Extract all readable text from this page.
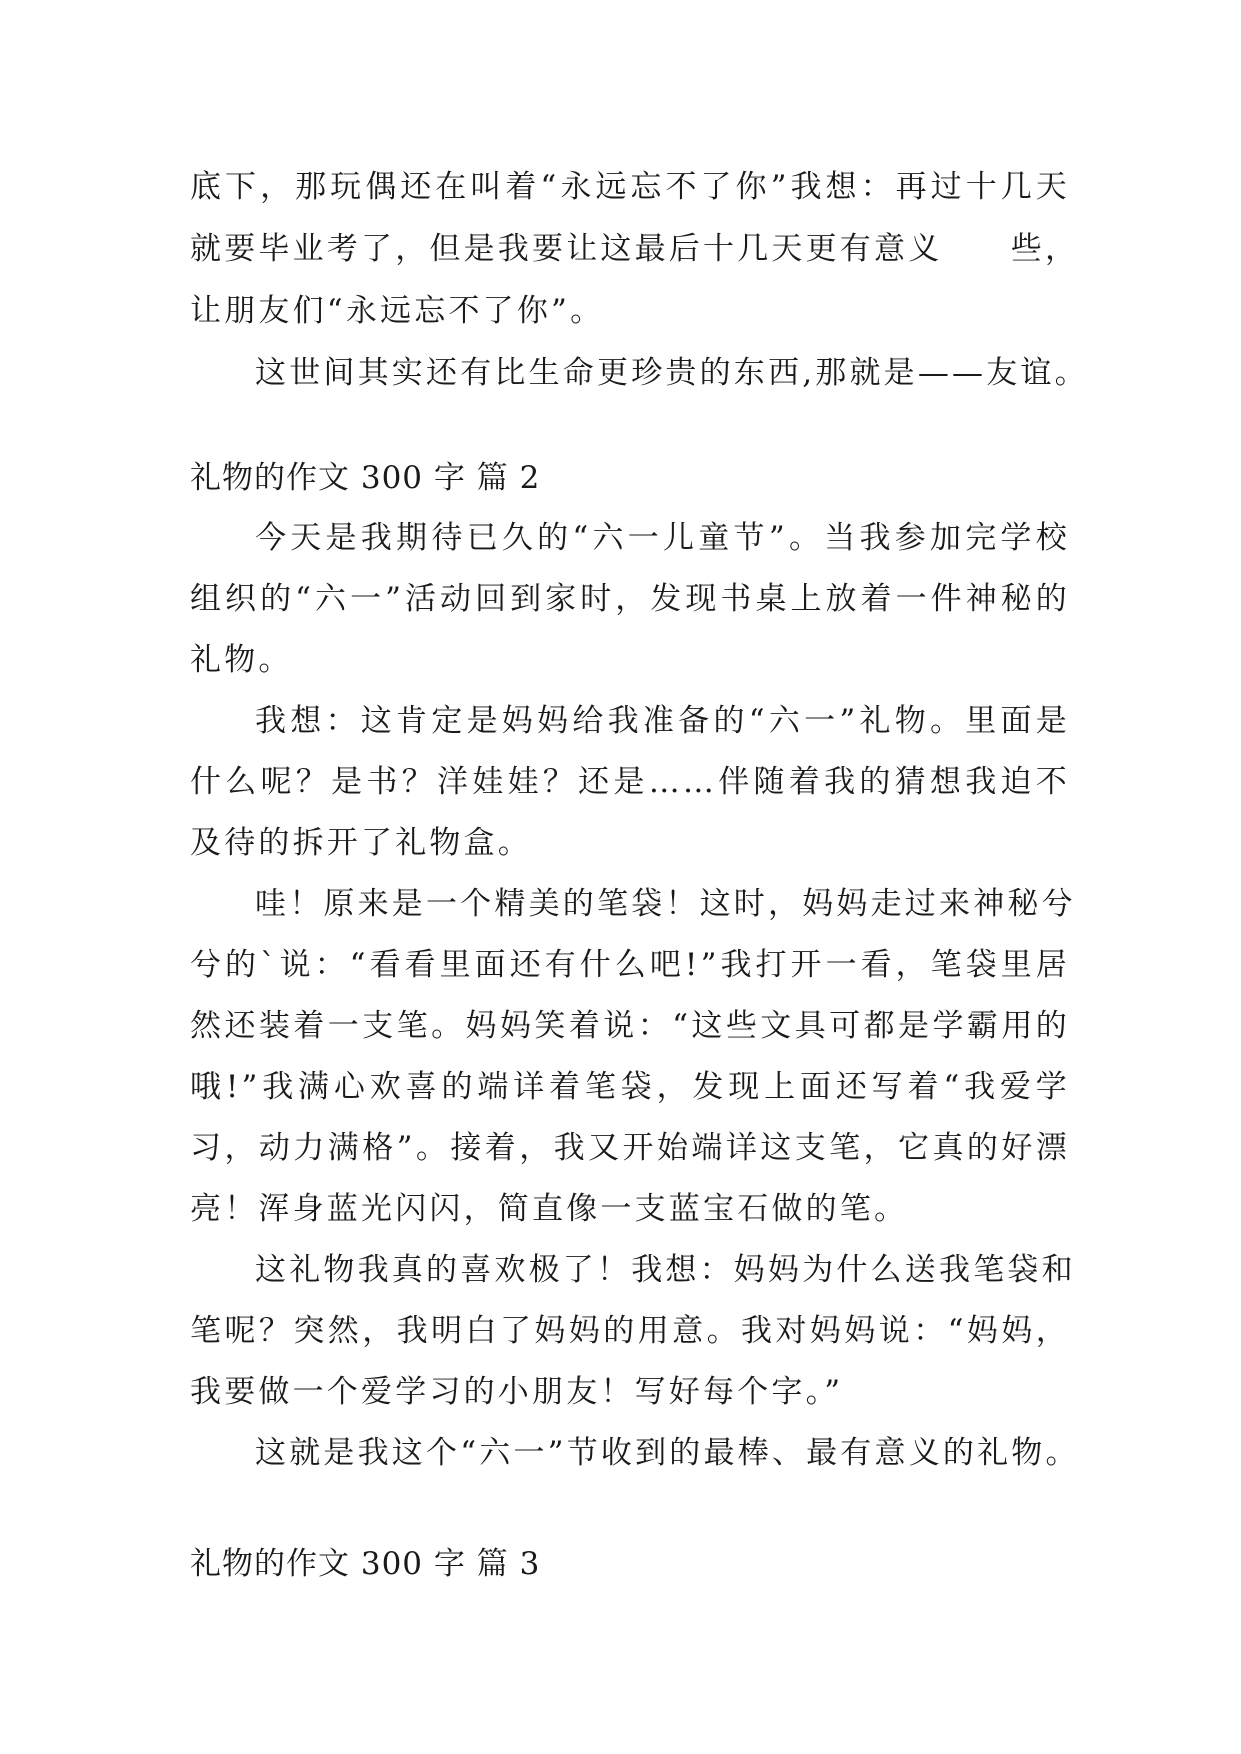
底下，那玩偶还在叫着“永远忘不了你”我想：再过十几天
就要毕业考了，但是我要让这最后十几天更有意义　　些，
让朋友们“永远忘不了你”。
这世间其实还有比生命更珍贵的东西,那就是——友谊。
礼物的作文 300 字 篇 2
今天是我期待已久的“六一儿童节”。当我参加完学校
组织的“六一”活动回到家时，发现书桌上放着一件神秘的
礼物。
我想：这肯定是妈妈给我准备的“六一”礼物。里面是
什么呢？是书？洋娃娃？还是……伴随着我的猜想我迫不
及待的拆开了礼物盒。
哇！原来是一个精美的笔袋！这时，妈妈走过来神秘兮
兮的`说：“看看里面还有什么吧!”我打开一看，笔袋里居
然还装着一支笔。妈妈笑着说：“这些文具可都是学霸用的
哦!”我满心欢喜的端详着笔袋，发现上面还写着“我爱学
习，动力满格”。接着，我又开始端详这支笔，它真的好漂
亮！浑身蓝光闪闪，简直像一支蓝宝石做的笔。
这礼物我真的喜欢极了！我想：妈妈为什么送我笔袋和
笔呢？突然，我明白了妈妈的用意。我对妈妈说：“妈妈，
我要做一个爱学习的小朋友！写好每个字。”
这就是我这个“六一”节收到的最棒、最有意义的礼物。
礼物的作文 300 字 篇 3
